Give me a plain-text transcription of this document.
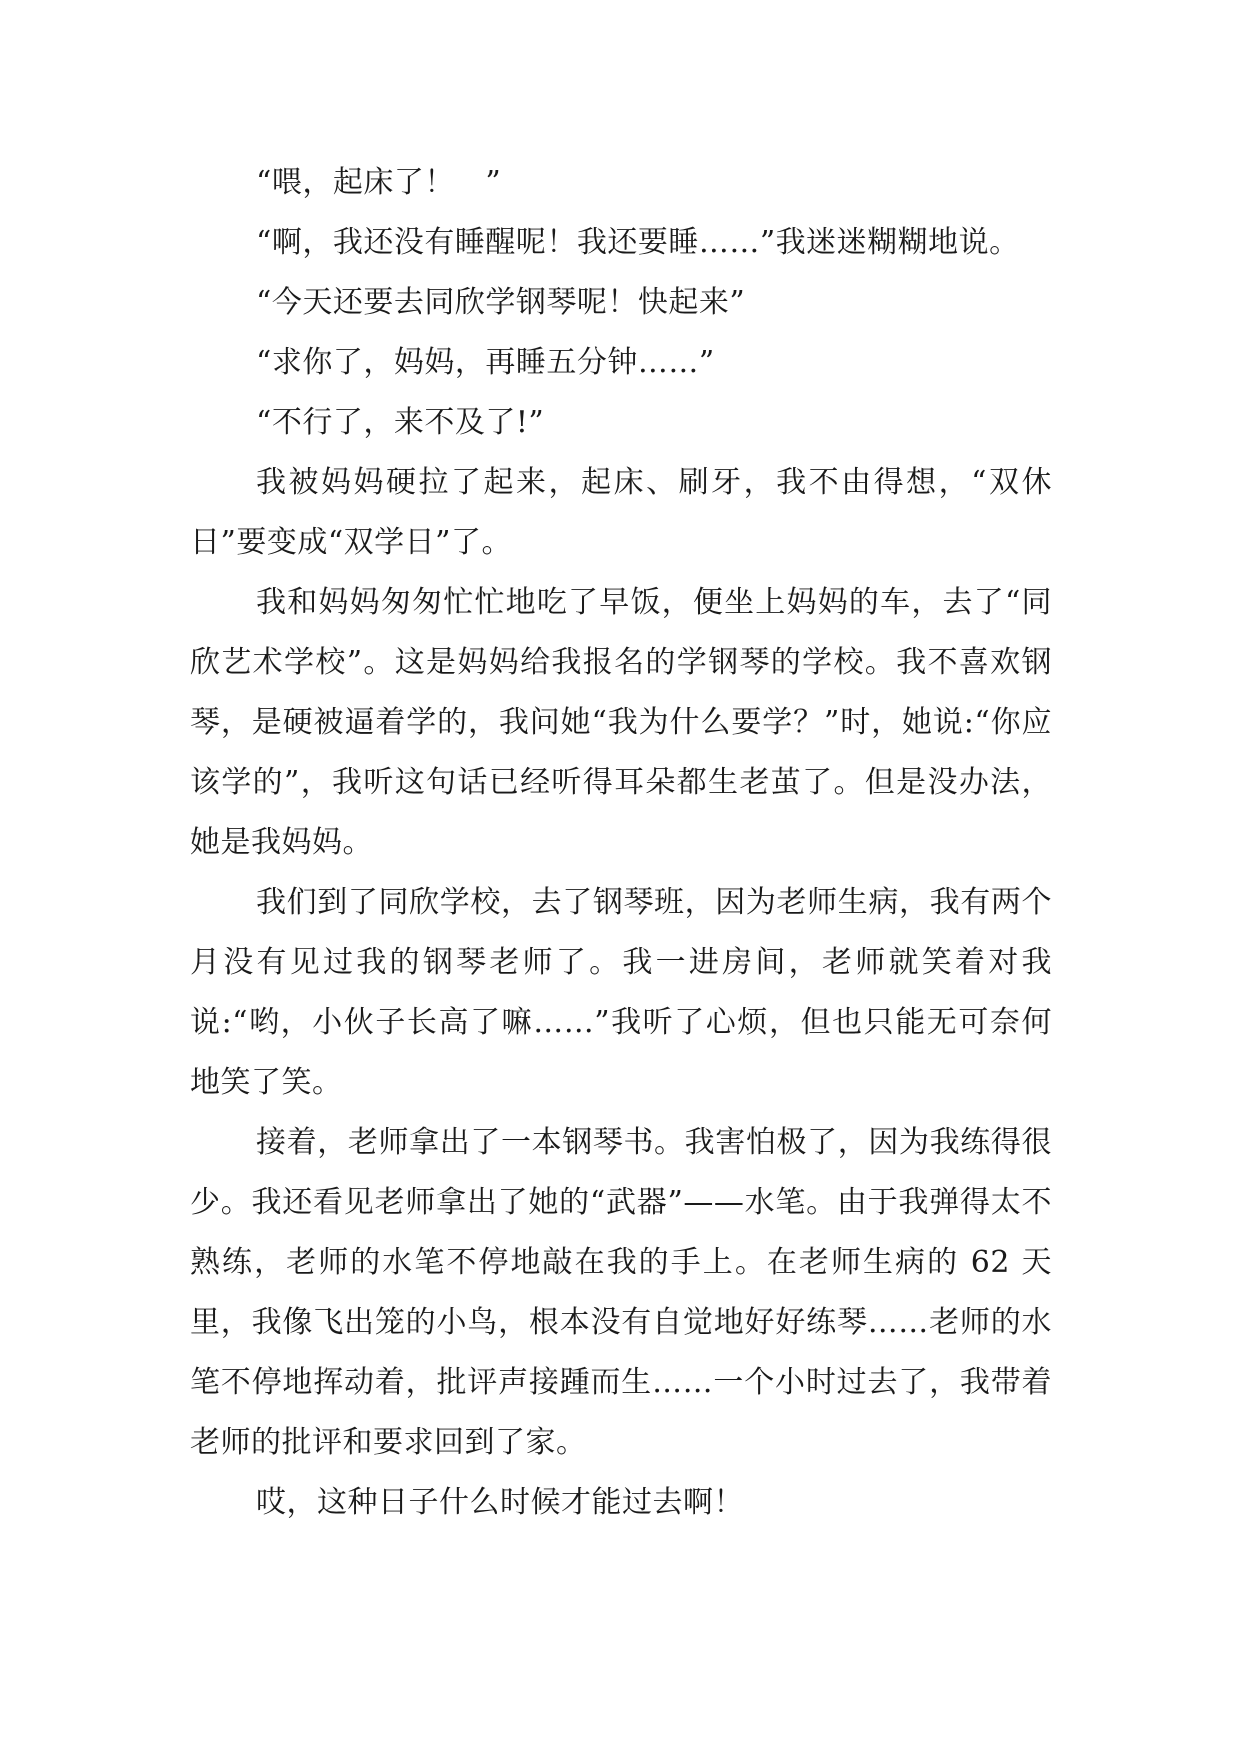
“喂，起床了！　”

“啊，我还没有睡醒呢！我还要睡……”我迷迷糊糊地说。

“今天还要去同欣学钢琴呢！快起来”

“求你了，妈妈，再睡五分钟……”

“不行了，来不及了!”

我被妈妈硬拉了起来，起床、刷牙，我不由得想，“双休日”要变成“双学日”了。

我和妈妈匆匆忙忙地吃了早饭，便坐上妈妈的车，去了“同欣艺术学校”。这是妈妈给我报名的学钢琴的学校。我不喜欢钢琴，是硬被逼着学的，我问她“我为什么要学？”时，她说:“你应该学的”，我听这句话已经听得耳朵都生老茧了。但是没办法，她是我妈妈。

我们到了同欣学校，去了钢琴班，因为老师生病，我有两个月没有见过我的钢琴老师了。我一进房间，老师就笑着对我说:“哟，小伙子长高了嘛……”我听了心烦，但也只能无可奈何地笑了笑。

接着，老师拿出了一本钢琴书。我害怕极了，因为我练得很少。我还看见老师拿出了她的“武器”——水笔。由于我弹得太不熟练，老师的水笔不停地敲在我的手上。在老师生病的 62 天里，我像飞出笼的小鸟，根本没有自觉地好好练琴……老师的水笔不停地挥动着，批评声接踵而生……一个小时过去了，我带着老师的批评和要求回到了家。

哎，这种日子什么时候才能过去啊！
